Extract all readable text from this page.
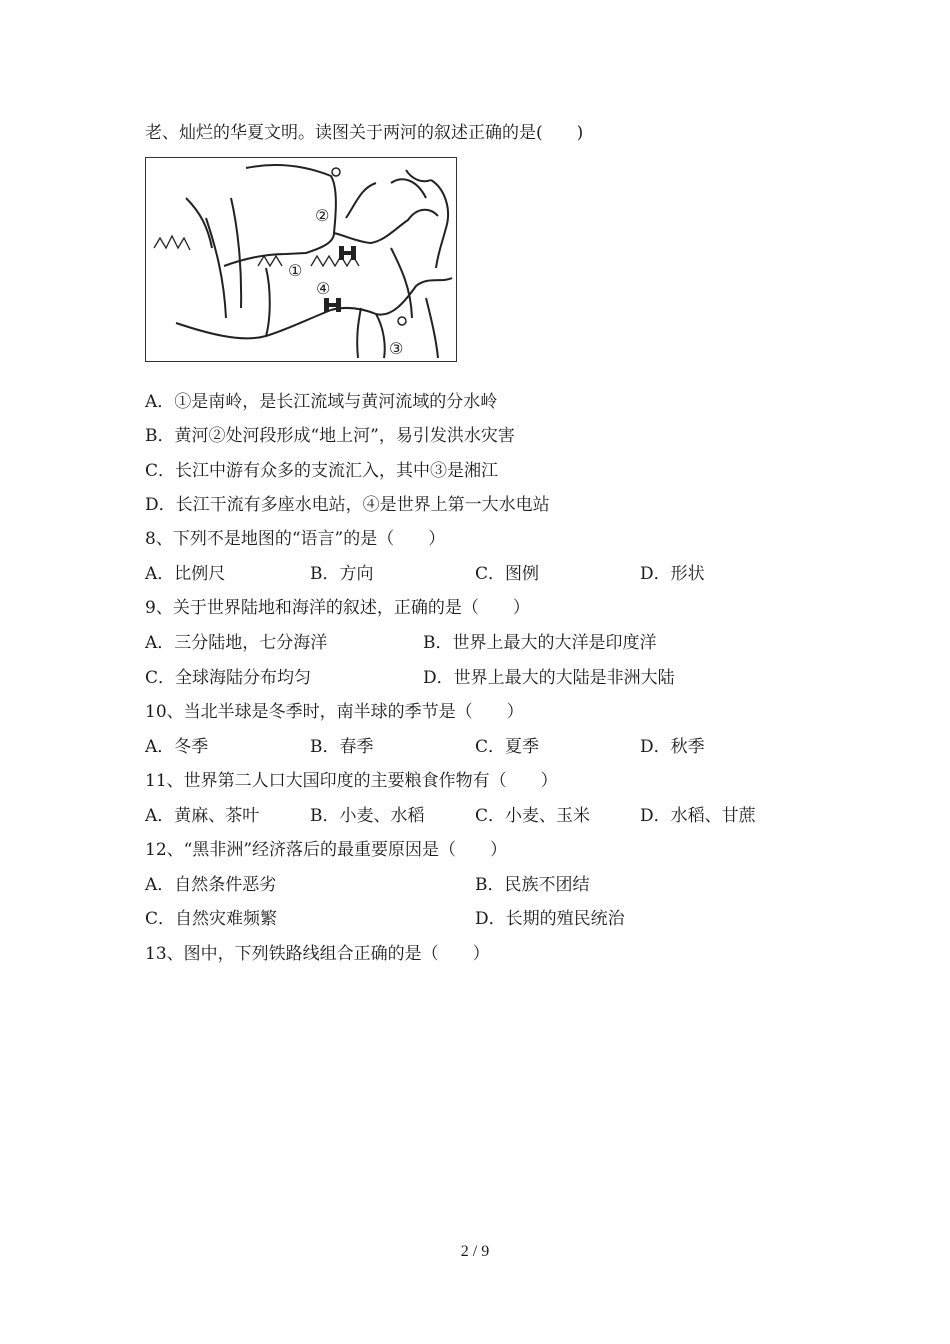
老、灿烂的华夏文明。读图关于两河的叙述正确的是(　　)
①
②
③
④
A．①是南岭，是长江流域与黄河流域的分水岭
B．黄河②处河段形成“地上河”，易引发洪水灾害
C．长江中游有众多的支流汇入，其中③是湘江
D．长江干流有多座水电站，④是世界上第一大水电站
8、下列不是地图的“语言”的是（　　）
A．比例尺	B．方向	C．图例	D．形状
9、关于世界陆地和海洋的叙述，正确的是（　　）
A．三分陆地，七分海洋	B．世界上最大的大洋是印度洋
C．全球海陆分布均匀	D．世界上最大的大陆是非洲大陆
10、当北半球是冬季时，南半球的季节是（　　）
A．冬季	B．春季	C．夏季	D．秋季
11、世界第二人口大国印度的主要粮食作物有（　　）
A．黄麻、茶叶	B．小麦、水稻	C．小麦、玉米	D．水稻、甘蔗
12、“黑非洲”经济落后的最重要原因是（　　）
A．自然条件恶劣	B．民族不团结
C．自然灾难频繁	D．长期的殖民统治
13、图中，下列铁路线组合正确的是（　　）
2 / 9
